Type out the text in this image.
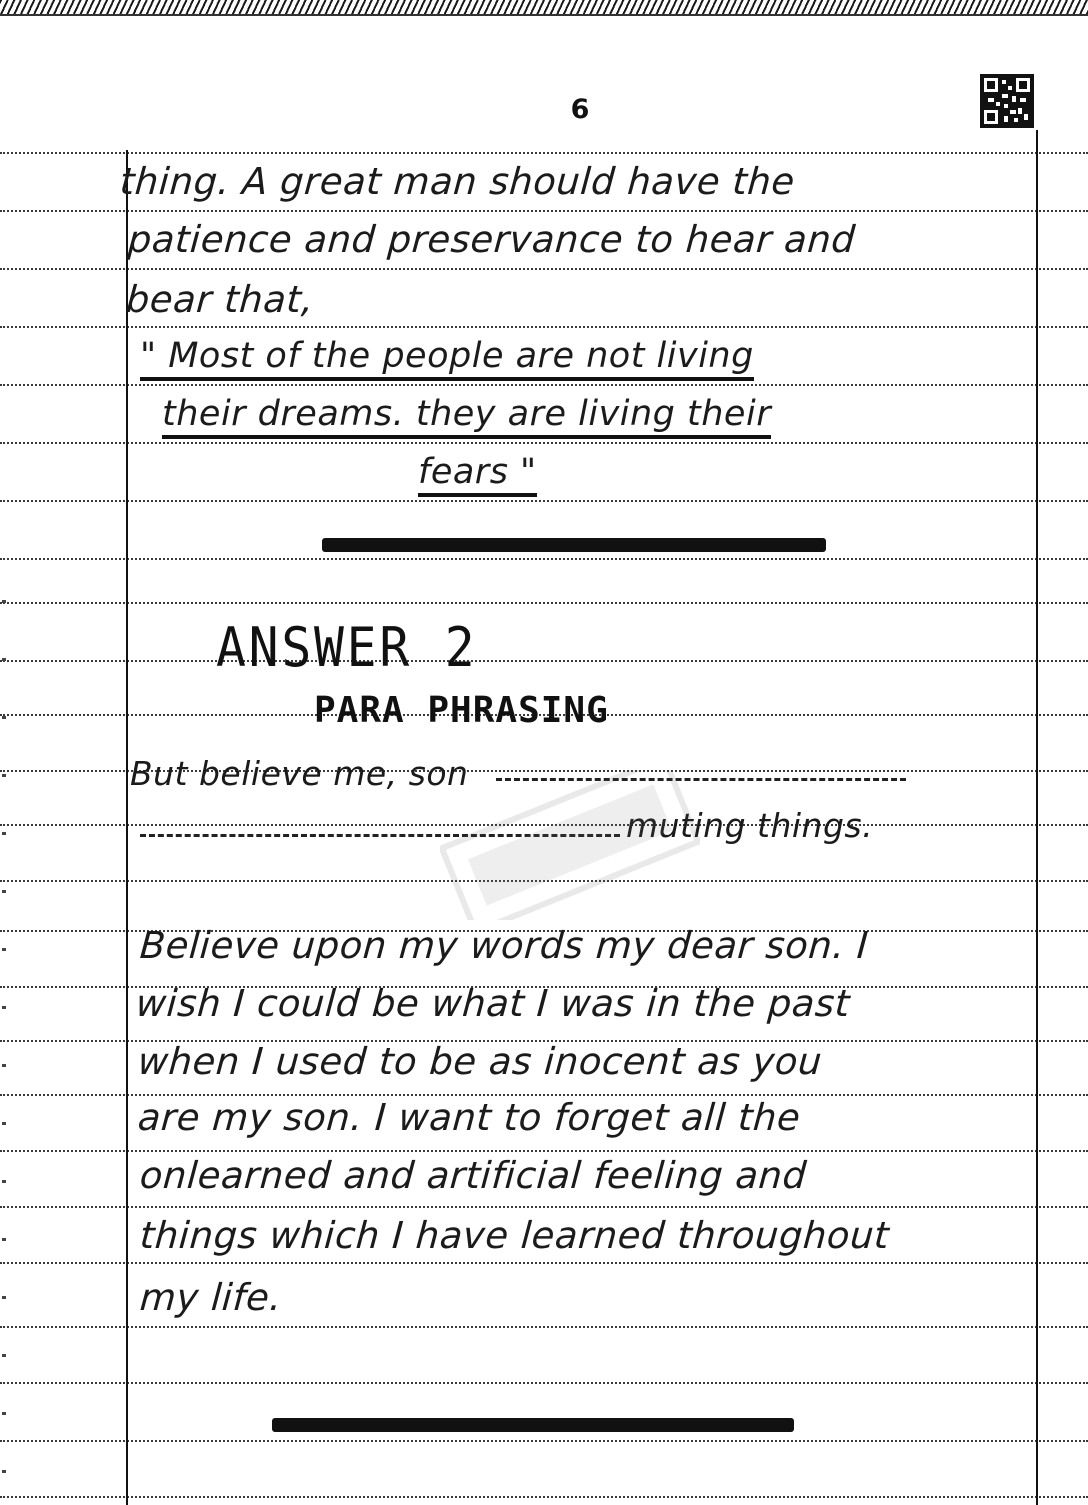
6
thing. A great man should have the
patience and preservance to hear and
bear that,
" Most of the people are not living
their dreams. they are living their
fears "
ANSWER 2
PARA PHRASING
But believe me, son
muting things.
Believe upon my words my dear son. I
wish I could be what I was in the past
when I used to be as inocent as you
are my son. I want to forget all the
onlearned and artificial feeling and
things which I have learned throughout
my life.
